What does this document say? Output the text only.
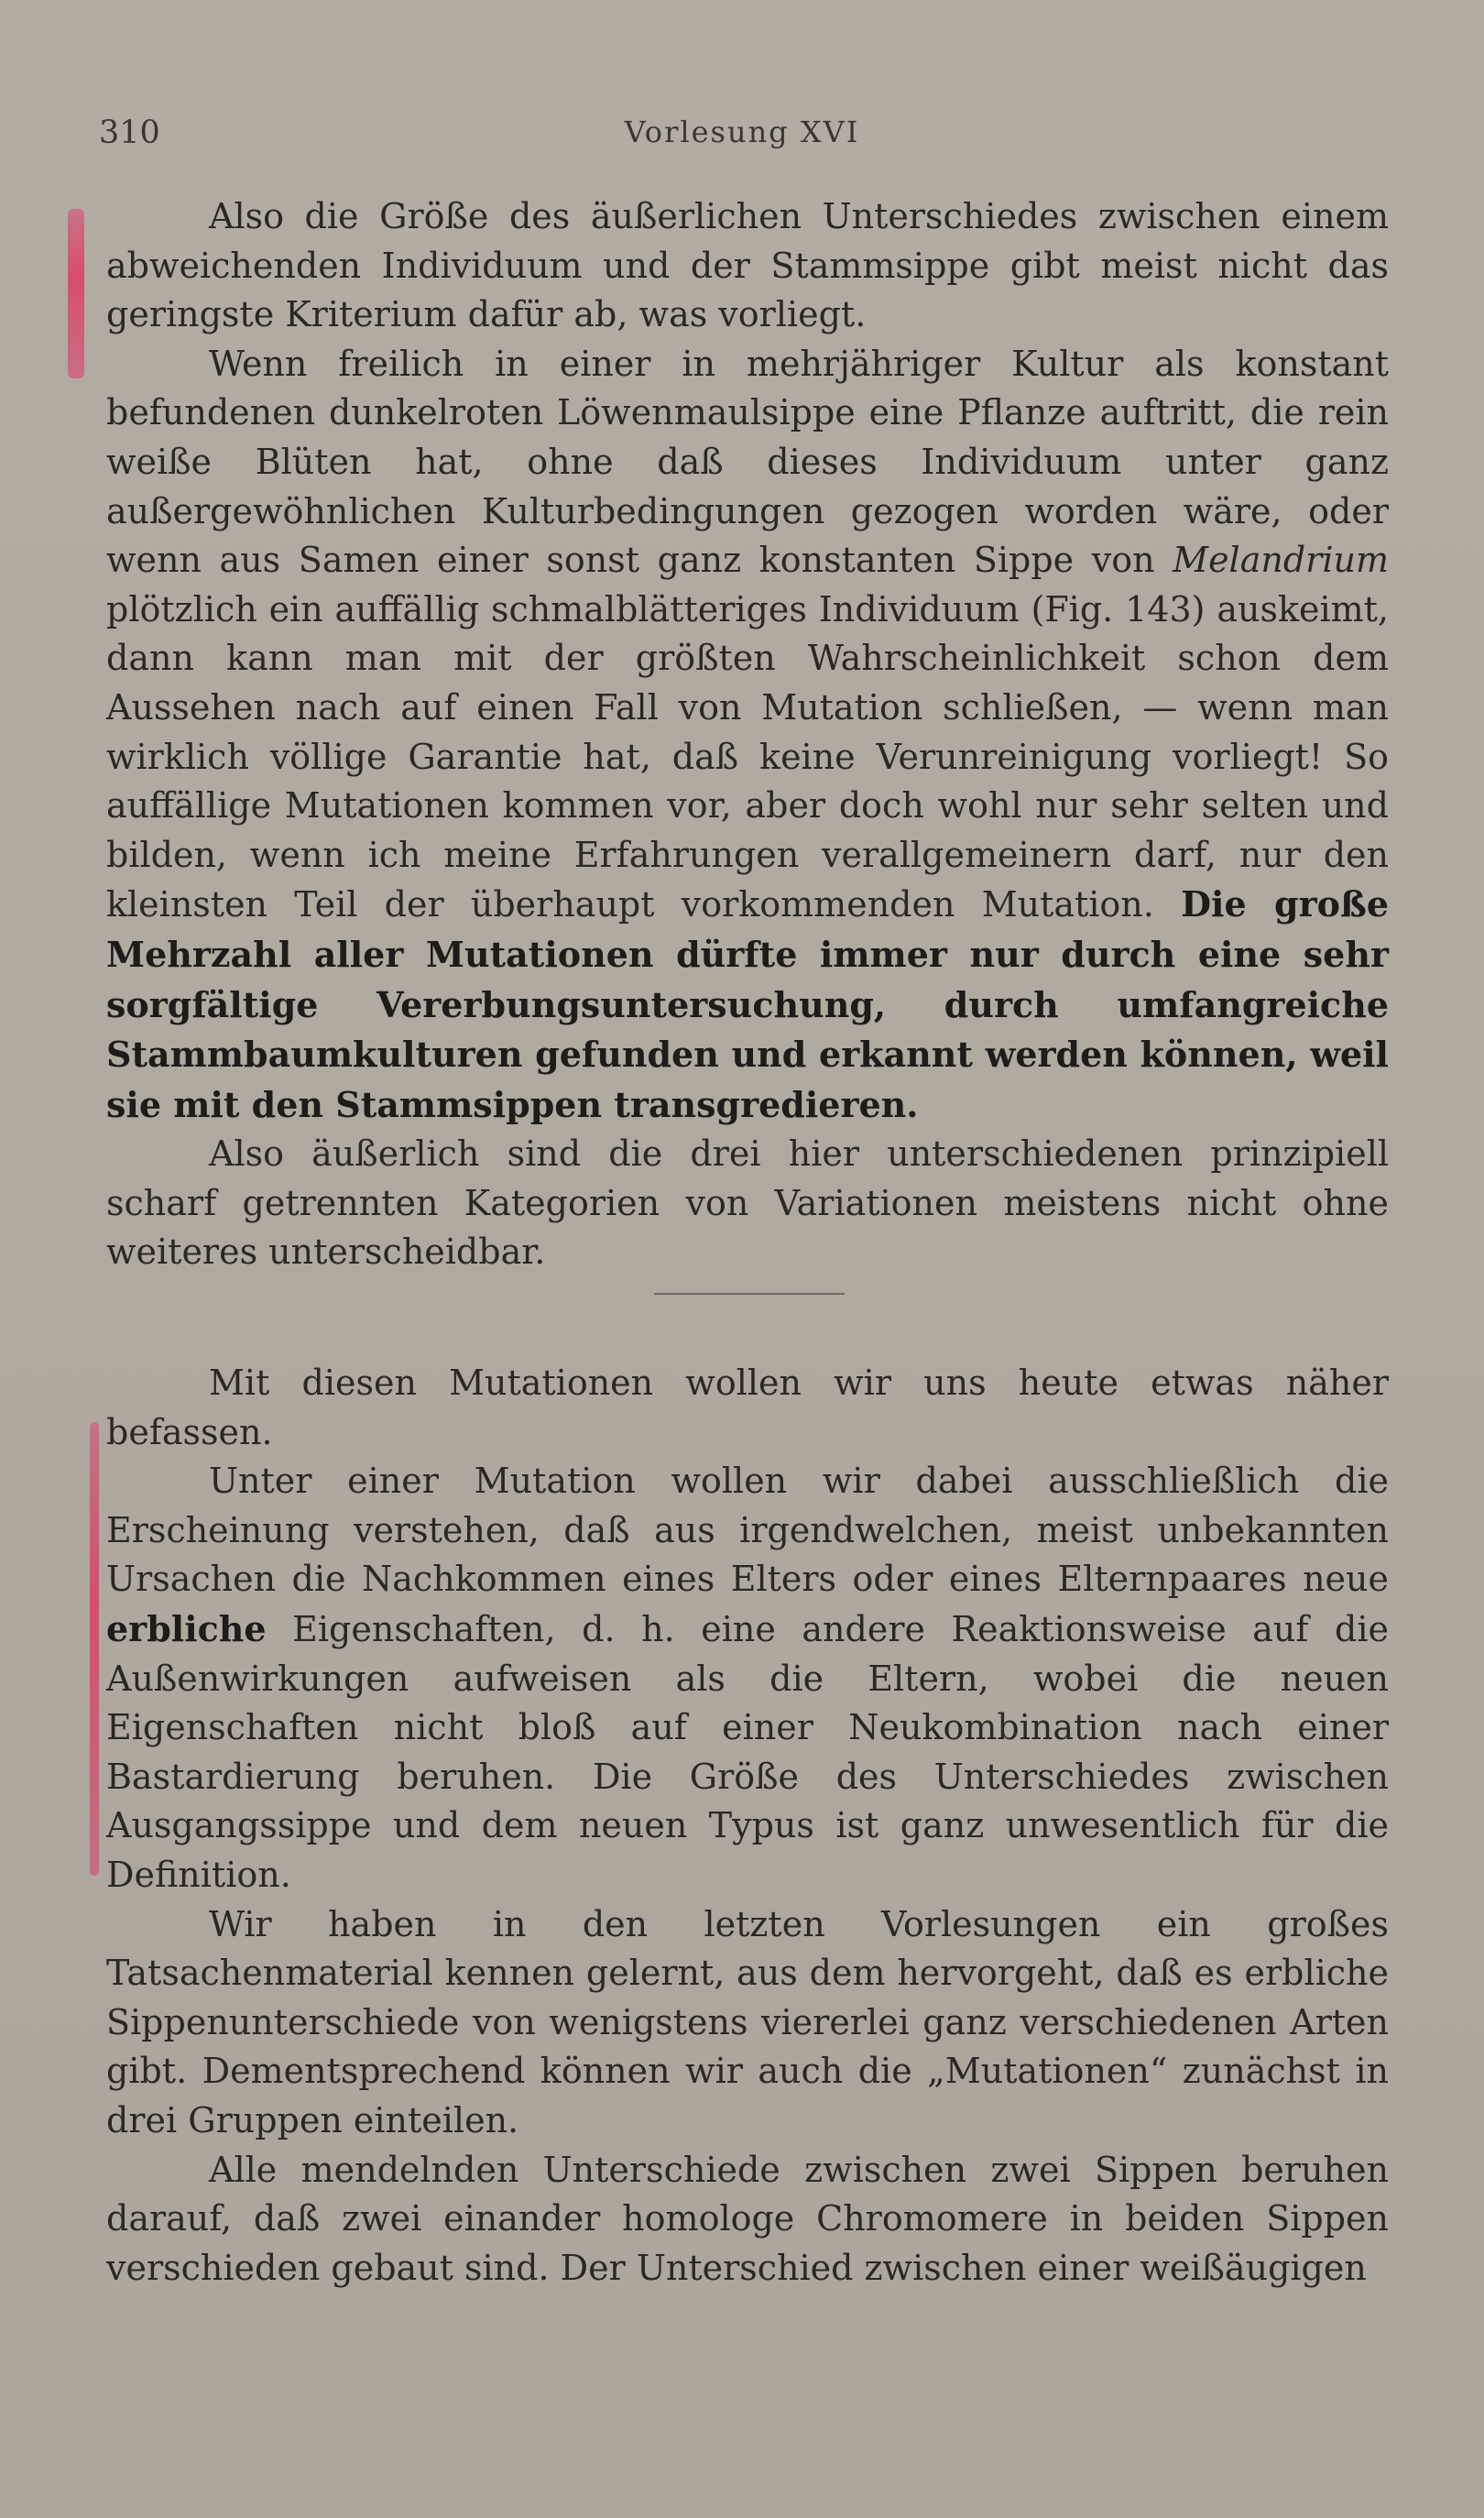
310	Vorlesung XVI

Also die Größe des äußerlichen Unterschiedes zwischen einem abweichenden Individuum und der Stammsippe gibt meist nicht das geringste Kriterium dafür ab, was vorliegt.

Wenn freilich in einer in mehrjähriger Kultur als konstant befundenen dunkelroten Löwenmaulsippe eine Pflanze auftritt, die rein weiße Blüten hat, ohne daß dieses Individuum unter ganz außergewöhnlichen Kulturbedingungen gezogen worden wäre, oder wenn aus Samen einer sonst ganz konstanten Sippe von Melandrium plötzlich ein auffällig schmalblätteriges Individuum (Fig. 143) auskeimt, dann kann man mit der größten Wahrscheinlichkeit schon dem Aussehen nach auf einen Fall von Mutation schließen, — wenn man wirklich völlige Garantie hat, daß keine Verunreinigung vorliegt! So auffällige Mutationen kommen vor, aber doch wohl nur sehr selten und bilden, wenn ich meine Erfahrungen verallgemeinern darf, nur den kleinsten Teil der überhaupt vorkommenden Mutation. Die große Mehrzahl aller Mutationen dürfte immer nur durch eine sehr sorgfältige Vererbungsuntersuchung, durch umfangreiche Stammbaumkulturen gefunden und erkannt werden können, weil sie mit den Stammsippen transgredieren.

Also äußerlich sind die drei hier unterschiedenen prinzipiell scharf getrennten Kategorien von Variationen meistens nicht ohne weiteres unterscheidbar.

Mit diesen Mutationen wollen wir uns heute etwas näher befassen.

Unter einer Mutation wollen wir dabei ausschließlich die Erscheinung verstehen, daß aus irgendwelchen, meist unbekannten Ursachen die Nachkommen eines Elters oder eines Elternpaares neue erbliche Eigenschaften, d. h. eine andere Reaktionsweise auf die Außenwirkungen aufweisen als die Eltern, wobei die neuen Eigenschaften nicht bloß auf einer Neukombination nach einer Bastardierung beruhen. Die Größe des Unterschiedes zwischen Ausgangssippe und dem neuen Typus ist ganz unwesentlich für die Definition.

Wir haben in den letzten Vorlesungen ein großes Tatsachenmaterial kennen gelernt, aus dem hervorgeht, daß es erbliche Sippenunterschiede von wenigstens viererlei ganz verschiedenen Arten gibt. Dementsprechend können wir auch die „Mutationen“ zunächst in drei Gruppen einteilen.

Alle mendelnden Unterschiede zwischen zwei Sippen beruhen darauf, daß zwei einander homologe Chromomere in beiden Sippen verschieden gebaut sind. Der Unterschied zwischen einer weißäugigen
